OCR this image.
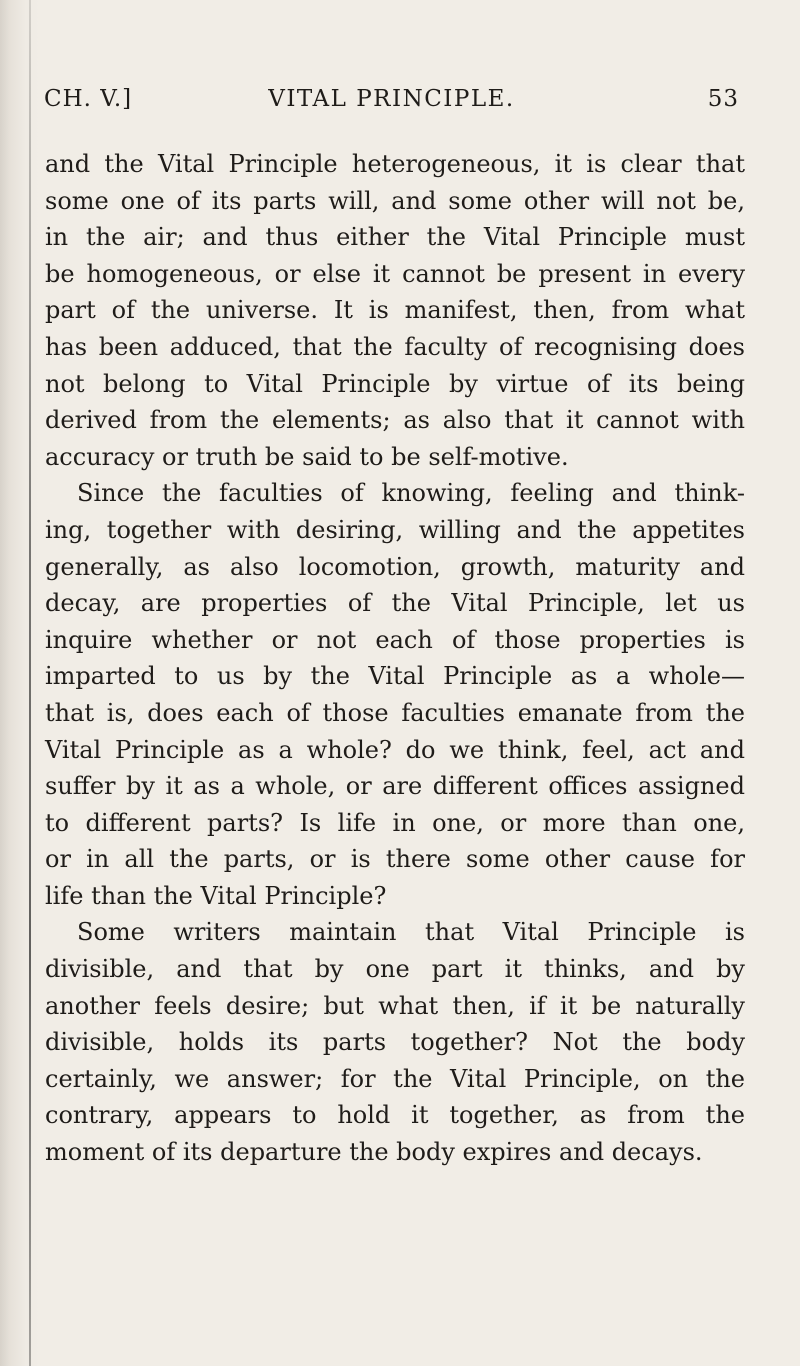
VITAL PRINCIPLE.
CH. V.]	53
and the Vital Principle heterogeneous, it is clear that
some one of its parts will, and some other will not be,
in the air; and thus either the Vital Principle must
be homogeneous, or else it cannot be present in every
part of the universe. It is manifest, then, from what
has been adduced, that the faculty of recognising does
not belong to Vital Principle by virtue of its being
derived from the elements; as also that it cannot with
accuracy or truth be said to be self-motive.
Since the faculties of knowing, feeling and think-
ing, together with desiring, willing and the appetites
generally, as also locomotion, growth, maturity and
decay, are properties of the Vital Principle, let us
inquire whether or not each of those properties is
imparted to us by the Vital Principle as a whole—
that is, does each of those faculties emanate from the
Vital Principle as a whole? do we think, feel, act and
suffer by it as a whole, or are different offices assigned
to different parts? Is life in one, or more than one,
or in all the parts, or is there some other cause for
life than the Vital Principle?
Some writers maintain that Vital Principle is
divisible, and that by one part it thinks, and by
another feels desire; but what then, if it be naturally
divisible, holds its parts together? Not the body
certainly, we answer; for the Vital Principle, on the
contrary, appears to hold it together, as from the
moment of its departure the body expires and decays.
